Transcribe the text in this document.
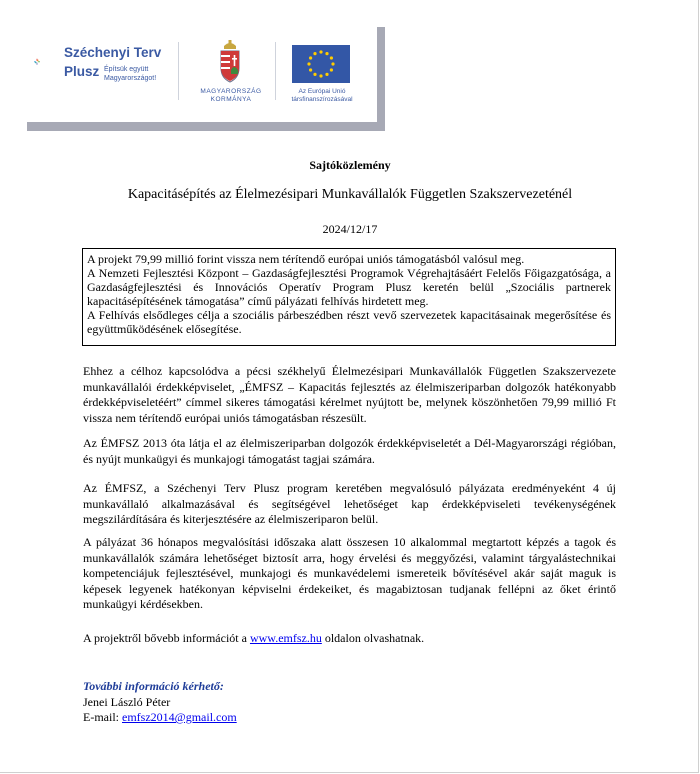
Széchenyi Terv
Plusz Építsük együtt
Magyarországot!
MAGYARORSZÁG
KORMÁNYA
Az Európai Unió
társfinanszírozásával
Sajtóközlemény
Kapacitásépítés az Élelmezésipari Munkavállalók Független Szakszervezeténél
2024/12/17

A projekt 79,99 millió forint vissza nem térítendő európai uniós támogatásból valósul meg.

A Nemzeti Fejlesztési Központ – Gazdaságfejlesztési Programok Végrehajtásáért Felelős Főigazgatósága, a Gazdaságfejlesztési és Innovációs Operatív Program Plusz keretén belül „Szociális partnerek kapacitásépítésének támogatása” című pályázati felhívás hirdetett meg.

A Felhívás elsődleges célja a szociális párbeszédben részt vevő szervezetek kapacitásainak megerősítése és együttműködésének elősegítése.

Ehhez a célhoz kapcsolódva a pécsi székhelyű Élelmezésipari Munkavállalók Független Szakszervezete munkavállalói érdekképviselet, „ÉMFSZ – Kapacitás fejlesztés az élelmiszeriparban dolgozók hatékonyabb érdekképviseletéért” címmel sikeres támogatási kérelmet nyújtott be, melynek köszönhetően 79,99 millió Ft vissza nem térítendő európai uniós támogatásban részesült.

Az ÉMFSZ 2013 óta látja el az élelmiszeriparban dolgozók érdekképviseletét a Dél-Magyarországi régióban, és nyújt munkaügyi és munkajogi támogatást tagjai számára.

Az ÉMFSZ, a Széchenyi Terv Plusz program keretében megvalósuló pályázata eredményeként 4 új munkavállaló alkalmazásával és segítségével lehetőséget kap érdekképviseleti tevékenységének megszilárdítására és kiterjesztésére az élelmiszeriparon belül.

A pályázat 36 hónapos megvalósítási időszaka alatt összesen 10 alkalommal megtartott képzés a tagok és munkavállalók számára lehetőséget biztosít arra, hogy érvelési és meggyőzési, valamint tárgyalástechnikai kompetenciájuk fejlesztésével, munkajogi és munkavédelemi ismereteik bővítésével akár saját maguk is képesek legyenek hatékonyan képviselni érdekeiket, és magabiztosan tudjanak fellépni az őket érintő munkaügyi kérdésekben.

A projektről bővebb információt a www.emfsz.hu oldalon olvashatnak.

További információ kérhető:
Jenei László Péter
E-mail: emfsz2014@gmail.com
